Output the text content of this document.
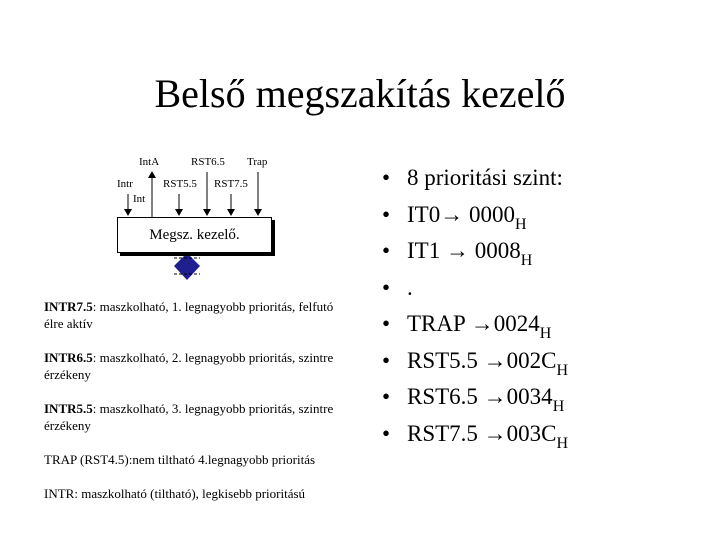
Belső megszakítás kezelő
IntA	RST6.5 Trap
Intr	RST5.5 RST7.5
Int
Megsz. kezelő.

INTR7.5: maszkolható, 1. legnagyobb prioritás, felfutó élre aktív

INTR6.5: maszkolható, 2. legnagyobb prioritás, szintre érzékeny

INTR5.5: maszkolható, 3. legnagyobb prioritás, szintre érzékeny

TRAP (RST4.5):nem tiltható 4.legnagyobb prioritás

INTR: maszkolható (tiltható), legkisebb prioritású

• 8 prioritási szint:
• $IT0\to 0000_H$
• $IT1 \to 0008_H$
• .
• TRAP $\to 0024_H$
• $RST5.5 \to 002C_H$
• $RST6.5 \to 0034_H$
• $RST7.5 \to 003C_H$
